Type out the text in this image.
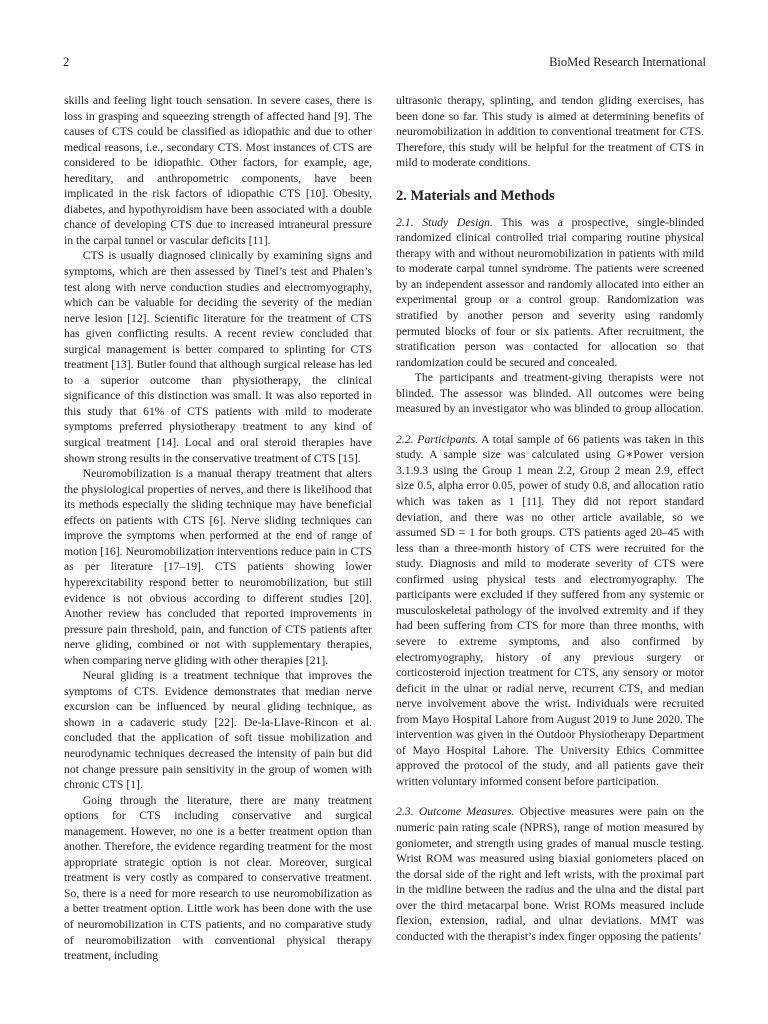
2	BioMed Research International

skills and feeling light touch sensation. In severe cases, there is loss in grasping and squeezing strength of affected hand [9]. The causes of CTS could be classified as idiopathic and due to other medical reasons, i.e., secondary CTS. Most instances of CTS are considered to be idiopathic. Other factors, for example, age, hereditary, and anthropometric components, have been implicated in the risk factors of idiopathic CTS [10]. Obesity, diabetes, and hypothyroidism have been associated with a double chance of developing CTS due to increased intraneural pressure in the carpal tunnel or vascular deficits [11].

CTS is usually diagnosed clinically by examining signs and symptoms, which are then assessed by Tinel’s test and Phalen’s test along with nerve conduction studies and electromyography, which can be valuable for deciding the severity of the median nerve lesion [12]. Scientific literature for the treatment of CTS has given conflicting results. A recent review concluded that surgical management is better compared to splinting for CTS treatment [13]. Butler found that although surgical release has led to a superior outcome than physiotherapy, the clinical significance of this distinction was small. It was also reported in this study that 61% of CTS patients with mild to moderate symptoms preferred physiotherapy treatment to any kind of surgical treatment [14]. Local and oral steroid therapies have shown strong results in the conservative treatment of CTS [15].

Neuromobilization is a manual therapy treatment that alters the physiological properties of nerves, and there is likelihood that its methods especially the sliding technique may have beneficial effects on patients with CTS [6]. Nerve sliding techniques can improve the symptoms when performed at the end of range of motion [16]. Neuromobilization interventions reduce pain in CTS as per literature [17–19]. CTS patients showing lower hyperexcitability respond better to neuromobilization, but still evidence is not obvious according to different studies [20]. Another review has concluded that reported improvements in pressure pain threshold, pain, and function of CTS patients after nerve gliding, combined or not with supplementary therapies, when comparing nerve gliding with other therapies [21].

Neural gliding is a treatment technique that improves the symptoms of CTS. Evidence demonstrates that median nerve excursion can be influenced by neural gliding technique, as shown in a cadaveric study [22]. De-la-Llave-Rincon et al. concluded that the application of soft tissue mobilization and neurodynamic techniques decreased the intensity of pain but did not change pressure pain sensitivity in the group of women with chronic CTS [1].

Going through the literature, there are many treatment options for CTS including conservative and surgical management. However, no one is a better treatment option than another. Therefore, the evidence regarding treatment for the most appropriate strategic option is not clear. Moreover, surgical treatment is very costly as compared to conservative treatment. So, there is a need for more research to use neuromobilization as a better treatment option. Little work has been done with the use of neuromobilization in CTS patients, and no comparative study of neuromobilization with conventional physical therapy treatment, including

ultrasonic therapy, splinting, and tendon gliding exercises, has been done so far. This study is aimed at determining benefits of neuromobilization in addition to conventional treatment for CTS. Therefore, this study will be helpful for the treatment of CTS in mild to moderate conditions.

2. Materials and Methods

2.1. Study Design. This was a prospective, single-blinded randomized clinical controlled trial comparing routine physical therapy with and without neuromobilization in patients with mild to moderate carpal tunnel syndrome. The patients were screened by an independent assessor and randomly allocated into either an experimental group or a control group. Randomization was stratified by another person and severity using randomly permuted blocks of four or six patients. After recruitment, the stratification person was contacted for allocation so that randomization could be secured and concealed.

The participants and treatment-giving therapists were not blinded. The assessor was blinded. All outcomes were being measured by an investigator who was blinded to group allocation.

2.2. Participants. A total sample of 66 patients was taken in this study. A sample size was calculated using G∗Power version 3.1.9.3 using the Group 1 mean 2.2, Group 2 mean 2.9, effect size 0.5, alpha error 0.05, power of study 0.8, and allocation ratio which was taken as 1 [11]. They did not report standard deviation, and there was no other article available, so we assumed SD = 1 for both groups. CTS patients aged 20–45 with less than a three-month history of CTS were recruited for the study. Diagnosis and mild to moderate severity of CTS were confirmed using physical tests and electromyography. The participants were excluded if they suffered from any systemic or musculoskeletal pathology of the involved extremity and if they had been suffering from CTS for more than three months, with severe to extreme symptoms, and also confirmed by electromyography, history of any previous surgery or corticosteroid injection treatment for CTS, any sensory or motor deficit in the ulnar or radial nerve, recurrent CTS, and median nerve involvement above the wrist. Individuals were recruited from Mayo Hospital Lahore from August 2019 to June 2020. The intervention was given in the Outdoor Physiotherapy Department of Mayo Hospital Lahore. The University Ethics Committee approved the protocol of the study, and all patients gave their written voluntary informed consent before participation.

2.3. Outcome Measures. Objective measures were pain on the numeric pain rating scale (NPRS), range of motion measured by goniometer, and strength using grades of manual muscle testing. Wrist ROM was measured using biaxial goniometers placed on the dorsal side of the right and left wrists, with the proximal part in the midline between the radius and the ulna and the distal part over the third metacarpal bone. Wrist ROMs measured include flexion, extension, radial, and ulnar deviations. MMT was conducted with the therapist’s index finger opposing the patients’
